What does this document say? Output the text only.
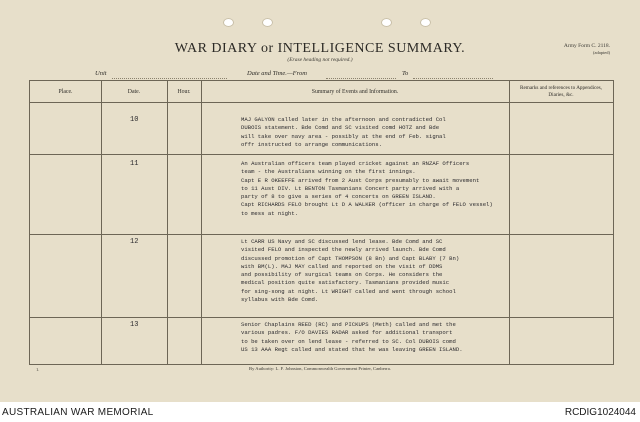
WAR DIARY or INTELLIGENCE SUMMARY.
(Erase heading not required.)
Army Form C. 2118.
(adapted)
Unit	Date and Time.—From	To
Place.	Date.	Hour.	Summary of Events and Information.
Remarks and references to Appendices, Diaries, &c.
10	MAJ GALYON called later in the afternoon and contradicted Col

DUBOIS statement. Bde Comd and SC visited comd HOTZ and Bde

will take over navy area - possibly at the end of Feb. signal

offr instructed to arrange communications.

11	An Australian officers team played cricket against an RNZAF Officers

team - the Australians winning on the first innings.

Capt E R OKEEFFE arrived from 2 Aust Corps presumably to await movement

to 11 Aust DIV. Lt BENTON Tasmanians Concert party arrived with a

party of 8 to give a series of 4 concerts on GREEN ISLAND.

Capt RICHARDS FELO brought Lt D A WALKER (officer in charge of FELO vessel)

to mess at night.

12	Lt CARR US Navy and SC discussed lend lease. Bde Comd and SC

visited FELO and inspected the newly arrived launch. Bde Comd

discussed promotion of Capt THOMPSON (8 Bn) and Capt BLABY (7 Bn)

with BM(L). MAJ MAY called and reported on the visit of DDMS

and possibility of surgical teams on Corps. He considers the

medical position quite satisfactory. Tasmanians provided music

for sing-song at night. Lt WRIGHT called and went through school

syllabus with Bde Comd.

13	Senior Chaplains REED (RC) and PICKUPS (Meth) called and met the

various padres. F/O DAVIES RADAR asked for additional transport

to be taken over on lend lease - referred to SC. Col DUBOIS comd

US 13 AAA Regt called and stated that he was leaving GREEN ISLAND.

1.	By Authority: L. F. Johnston, Commonwealth Government Printer, Canberra.
AUSTRALIAN WAR MEMORIAL	RCDIG1024044
